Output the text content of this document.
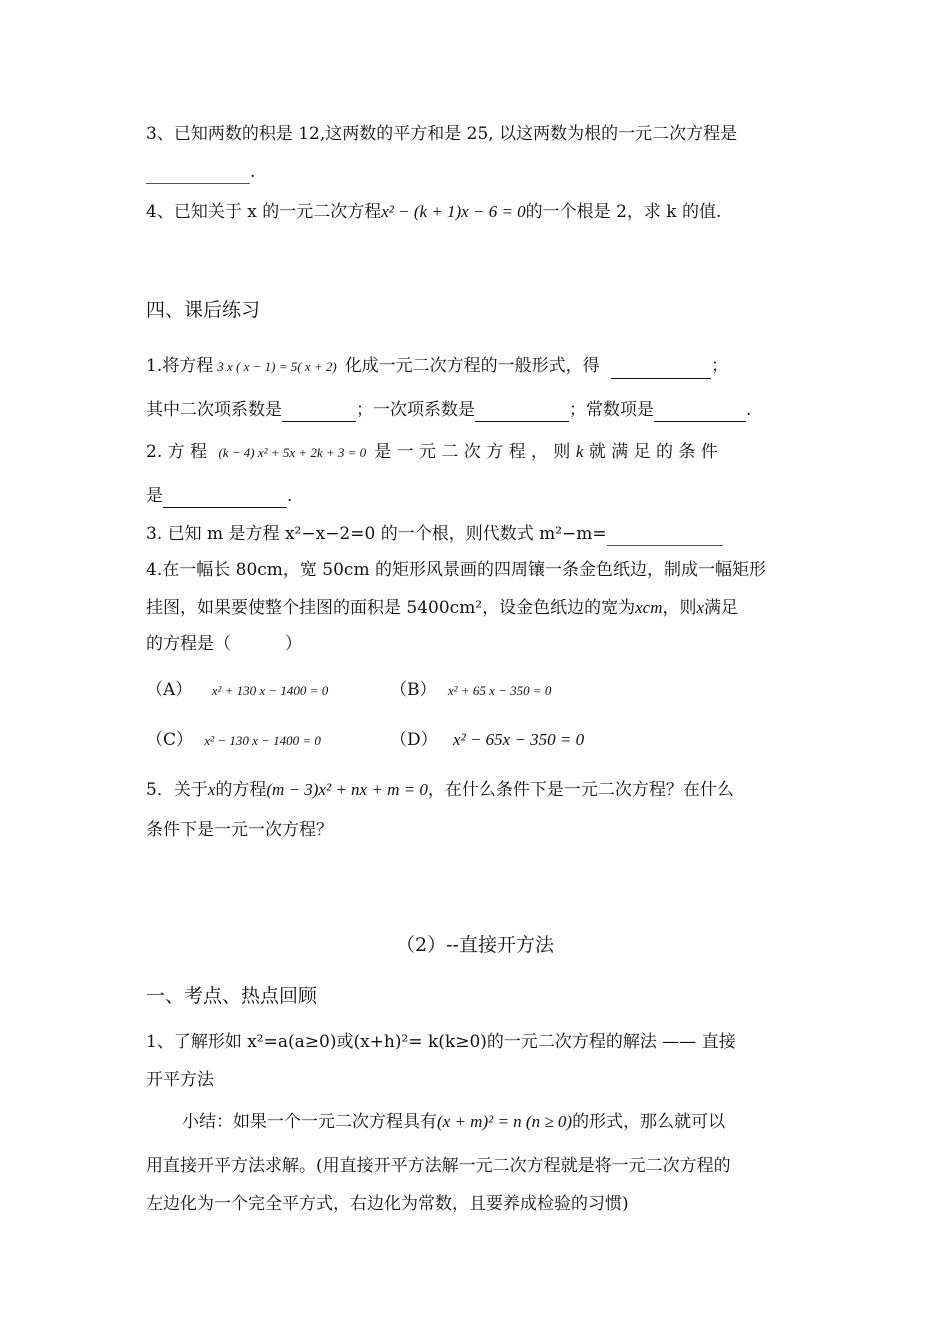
3、已知两数的积是 12,这两数的平方和是 25, 以这两数为根的一元二次方程是
.
4、已知关于 x 的一元二次方程x² − (k + 1)x − 6 = 0的一个根是 2，求 k 的值.
四、课后练习
1.将方程 3 x ( x − 1) = 5( x + 2) 化成一元二次方程的一般形式，得	；
其中二次项系数是	；一次项系数是	；常数项是	.
2. 方 程 (k − 4) x² + 5x + 2k + 3 = 0 是 一 元 二 次 方 程 ， 则 k 就 满 足 的 条 件
是	.
3. 已知 m 是方程 x²−x−2=0 的一个根，则代数式 m²−m=
4.在一幅长 80cm，宽 50cm 的矩形风景画的四周镶一条金色纸边，制成一幅矩形
挂图，如果要使整个挂图的面积是 5400cm²，设金色纸边的宽为xcm，则x满足
的方程是（          ）
（A） x² + 130 x − 1400 = 0	（B） x² + 65 x − 350 = 0
（C） x² − 130 x − 1400 = 0	（D） x² − 65x − 350 = 0
5．关于x的方程(m − 3)x² + nx + m = 0，在什么条件下是一元二次方程？在什么
条件下是一元一次方程？
（2）--直接开方法
一、考点、热点回顾
1、了解形如 x²=a(a≥0)或(x+h)²= k(k≥0)的一元二次方程的解法 —— 直接
开平方法
小结：如果一个一元二次方程具有(x + m)² = n (n ≥ 0)的形式，那么就可以
用直接开平方法求解。(用直接开平方法解一元二次方程就是将一元二次方程的
左边化为一个完全平方式，右边化为常数，且要养成检验的习惯)
